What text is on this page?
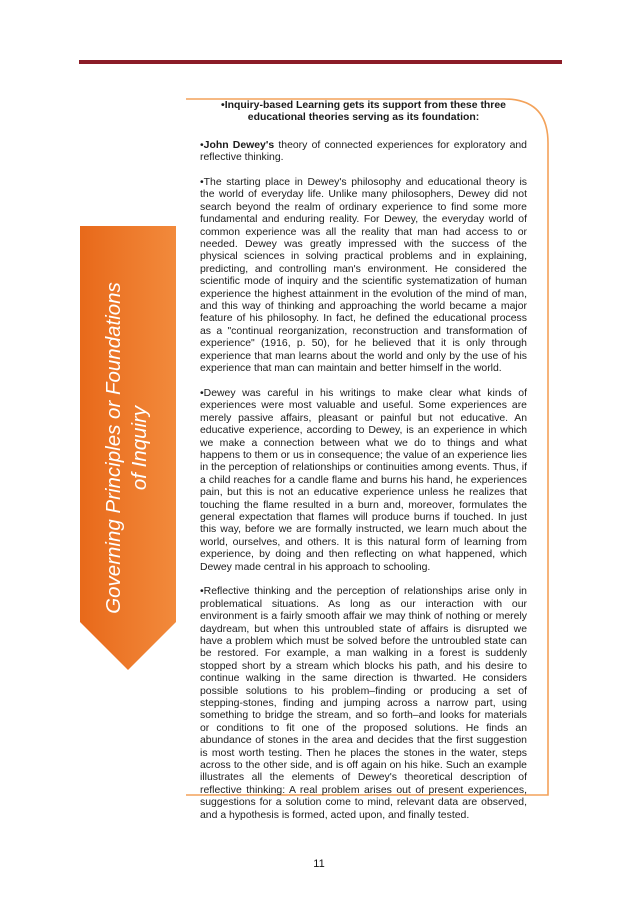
Governing Principles or Foundations of Inquiry

•Inquiry-based Learning gets its support from these three educational theories serving as its foundation:

•John Dewey's theory of connected experiences for exploratory and reflective thinking.

•The starting place in Dewey's philosophy and educational theory is the world of everyday life. Unlike many philosophers, Dewey did not search beyond the realm of ordinary experience to find some more fundamental and enduring reality. For Dewey, the everyday world of common experience was all the reality that man had access to or needed. Dewey was greatly impressed with the success of the physical sciences in solving practical problems and in explaining, predicting, and controlling man's environment. He considered the scientific mode of inquiry and the scientific systematization of human experience the highest attainment in the evolution of the mind of man, and this way of thinking and approaching the world became a major feature of his philosophy. In fact, he defined the educational process as a "continual reorganization, reconstruction and transformation of experience" (1916, p. 50), for he believed that it is only through experience that man learns about the world and only by the use of his experience that man can maintain and better himself in the world.

•Dewey was careful in his writings to make clear what kinds of experiences were most valuable and useful. Some experiences are merely passive affairs, pleasant or painful but not educative. An educative experience, according to Dewey, is an experience in which we make a connection between what we do to things and what happens to them or us in consequence; the value of an experience lies in the perception of relationships or continuities among events. Thus, if a child reaches for a candle flame and burns his hand, he experiences pain, but this is not an educative experience unless he realizes that touching the flame resulted in a burn and, moreover, formulates the general expectation that flames will produce burns if touched. In just this way, before we are formally instructed, we learn much about the world, ourselves, and others. It is this natural form of learning from experience, by doing and then reflecting on what happened, which Dewey made central in his approach to schooling.

•Reflective thinking and the perception of relationships arise only in problematical situations. As long as our interaction with our environment is a fairly smooth affair we may think of nothing or merely daydream, but when this untroubled state of affairs is disrupted we have a problem which must be solved before the untroubled state can be restored. For example, a man walking in a forest is suddenly stopped short by a stream which blocks his path, and his desire to continue walking in the same direction is thwarted. He considers possible solutions to his problem–finding or producing a set of stepping-stones, finding and jumping across a narrow part, using something to bridge the stream, and so forth–and looks for materials or conditions to fit one of the proposed solutions. He finds an abundance of stones in the area and decides that the first suggestion is most worth testing. Then he places the stones in the water, steps across to the other side, and is off again on his hike. Such an example illustrates all the elements of Dewey's theoretical description of reflective thinking: A real problem arises out of present experiences, suggestions for a solution come to mind, relevant data are observed, and a hypothesis is formed, acted upon, and finally tested.

11
